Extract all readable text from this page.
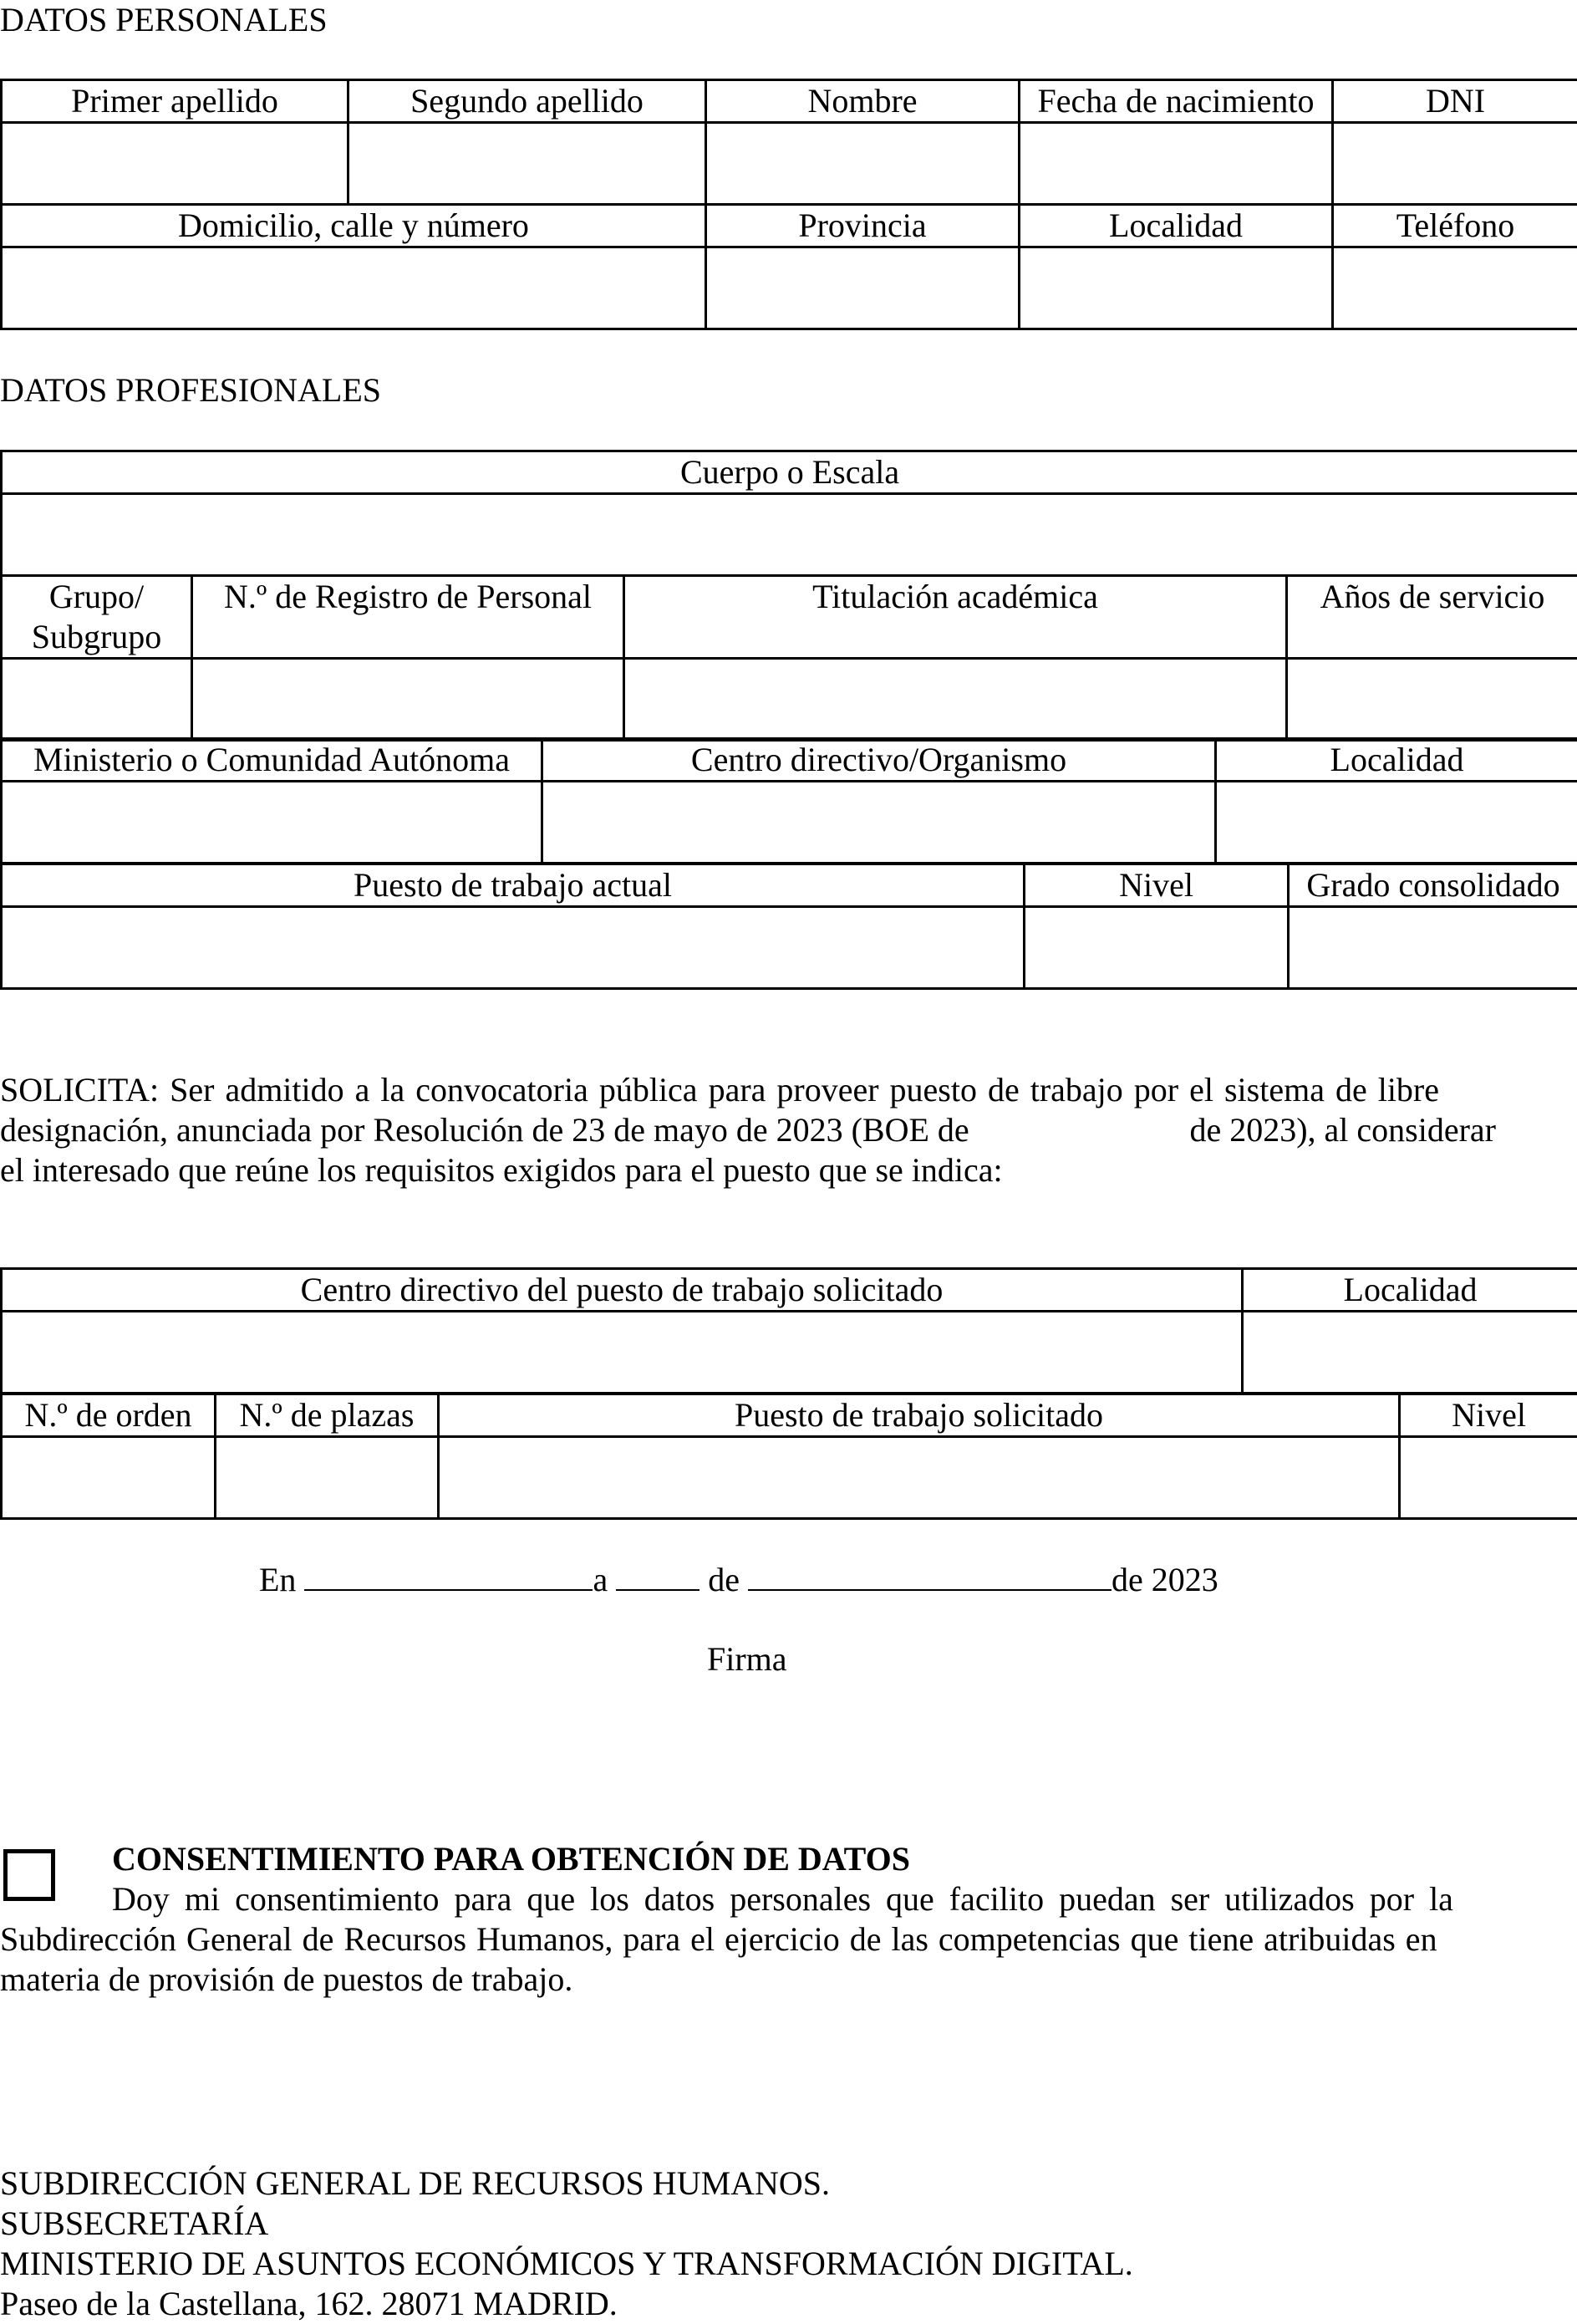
DATOS PERSONALES
Primer apellido	Segundo apellido	Nombre	Fecha de nacimiento	DNI

Domicilio, calle y número		Provincia	Localidad	Teléfono

DATOS PROFESIONALES
Cuerpo o Escala			

Grupo/
Subgrupo	N.º de Registro de Personal	Titulación académica	Años de servicio

Ministerio o Comunidad Autónoma	Centro directivo/Organismo	Localidad

Puesto de trabajo actual	Nivel	Grado consolidado

SOLICITA: Ser admitido a la convocatoria pública para proveer puesto de trabajo por el sistema de libre
designación, anunciada por Resolución de 23 de mayo de 2023 (BOE de	de 2023), al considerar
el interesado que reúne los requisitos exigidos para el puesto que se indica:
Centro directivo del puesto de trabajo solicitado	Localidad

N.º de orden	N.º de plazas	Puesto de trabajo solicitado	Nivel

En	a	de	de 2023
Firma
CONSENTIMIENTO PARA OBTENCIÓN DE DATOS
Doy mi consentimiento para que los datos personales que facilito puedan ser utilizados por la
Subdirección General de Recursos Humanos, para el ejercicio de las competencias que tiene atribuidas en
materia de provisión de puestos de trabajo.
SUBDIRECCIÓN GENERAL DE RECURSOS HUMANOS.
SUBSECRETARÍA
MINISTERIO DE ASUNTOS ECONÓMICOS Y TRANSFORMACIÓN DIGITAL.
Paseo de la Castellana, 162. 28071 MADRID.
